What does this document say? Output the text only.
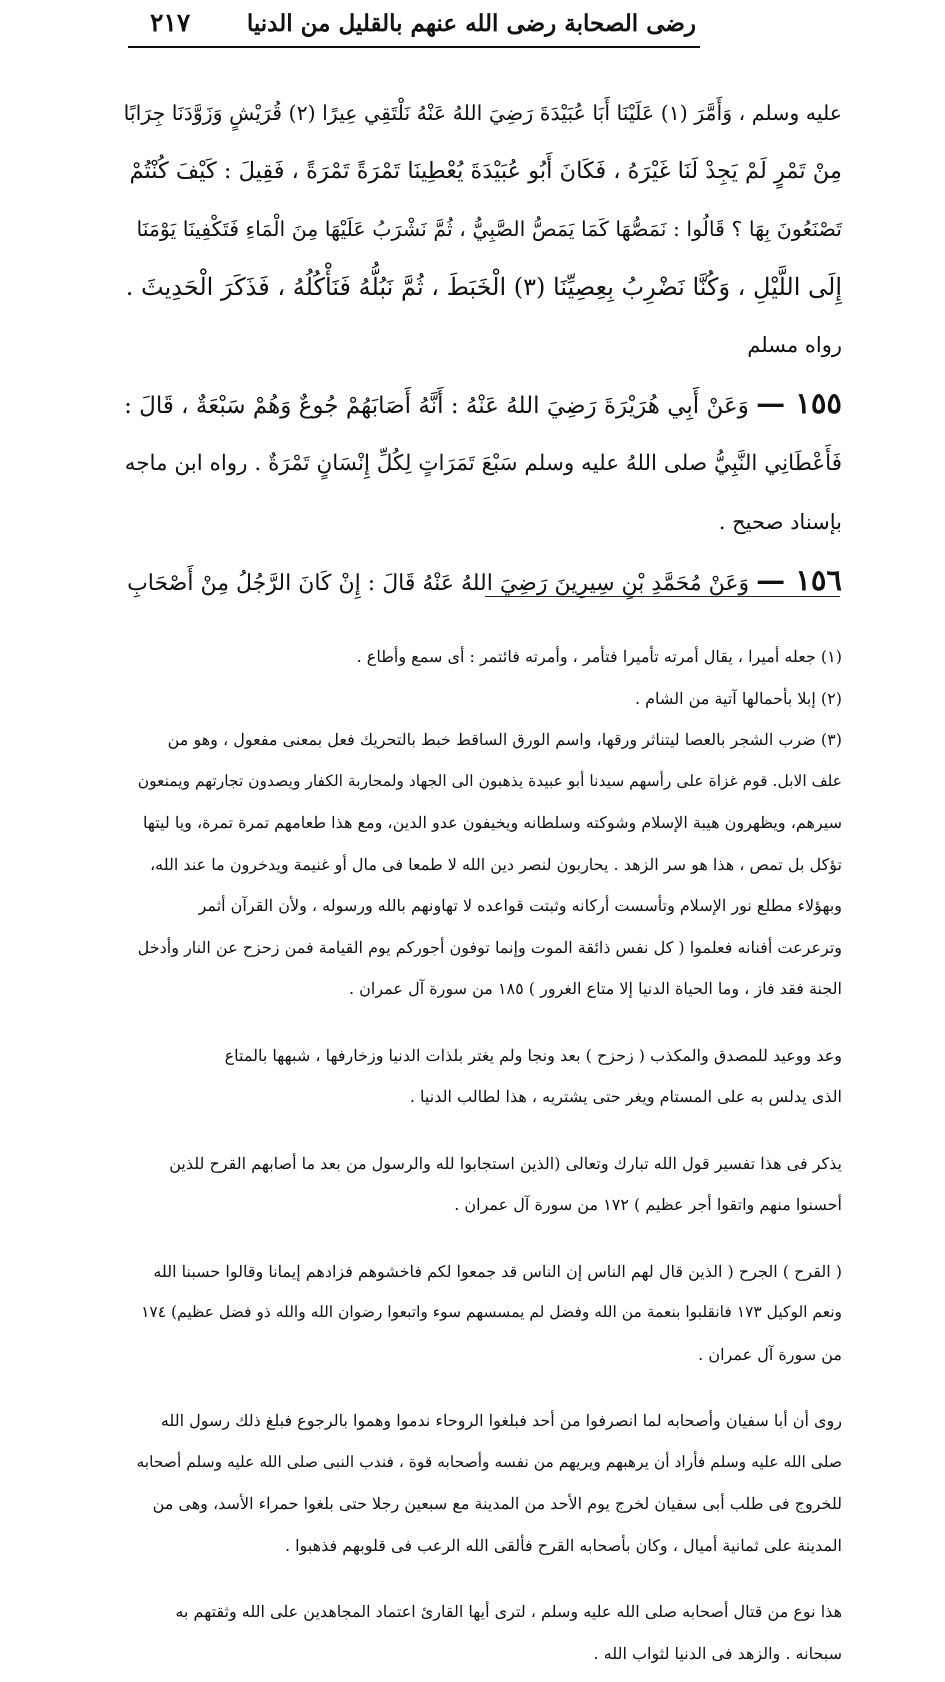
رضى الصحابة رضى الله عنهم بالقليل من الدنيا
٢١٧

عليه وسلم ، وَأَمَّرَ (١) عَلَيْنَا أَبَا عُبَيْدَةَ رَضِيَ اللهُ عَنْهُ نَلْتَقِي عِيرًا (٢) قُرَيْشٍ وَزَوَّدَنَا جِرَابًا

مِنْ تَمْرٍ لَمْ يَجِدْ لَنَا غَيْرَهُ ، فَكَانَ أَبُو عُبَيْدَةَ يُعْطِينَا تَمْرَةً تَمْرَةً ، فَقِيلَ : كَيْفَ كُنْتُمْ

تَصْنَعُونَ بِهَا ؟ قَالُوا : نَمَصُّهَا كَمَا يَمَصُّ الصَّبِيُّ ، ثُمَّ نَشْرَبُ عَلَيْهَا مِنَ الْمَاءِ فَتَكْفِينَا يَوْمَنَا

إِلَى اللَّيْلِ ، وَكُنَّا نَضْرِبُ بِعِصِيِّنَا (٣) الْخَبَطَ ، ثُمَّ نَبُلُّهُ فَنَأْكُلُهُ ، فَذَكَرَ الْحَدِيثَ .

رواه مسلم

١٥٥ — وَعَنْ أَبِي هُرَيْرَةَ رَضِيَ اللهُ عَنْهُ : أَنَّهُ أَصَابَهُمْ جُوعٌ وَهُمْ سَبْعَةٌ ، قَالَ :

فَأَعْطَانِي النَّبِيُّ صلى اللهُ عليه وسلم سَبْعَ تَمَرَاتٍ لِكُلِّ إِنْسَانٍ تَمْرَةٌ . رواه ابن ماجه

بإسناد صحيح .

١٥٦ — وَعَنْ مُحَمَّدِ بْنِ سِيرِينَ رَضِيَ اللهُ عَنْهُ قَالَ : إِنْ كَانَ الرَّجُلُ مِنْ أَصْحَابِ

(١) جعله أميرا ، يقال أمرته تأميرا فتأمر ، وأمرته فائتمر : أى سمع وأطاع .

(٢) إبلا بأحمالها آتية من الشام .

(٣) ضرب الشجر بالعصا ليتناثر ورقها، واسم الورق الساقط خبط بالتحريك فعل بمعنى مفعول ، وهو من

علف الابل. قوم غزاة على رأسهم سيدنا أبو عبيدة يذهبون الى الجهاد ولمحاربة الكفار ويصدون تجارتهم ويمنعون

سيرهم، ويظهرون هيبة الإسلام وشوكته وسلطانه ويخيفون عدو الدين، ومع هذا طعامهم تمرة تمرة، ويا ليتها

تؤكل بل تمص ، هذا هو سر الزهد . يحاربون لنصر دين الله لا طمعا فى مال أو غنيمة ويدخرون ما عند الله،

وبهؤلاء مطلع نور الإسلام وتأسست أركانه وثبتت قواعده لا تهاونهم بالله ورسوله ، ولأن القرآن أثمر

وترعرعت أفنانه فعلموا ( كل نفس ذائقة الموت وإنما توفون أجوركم يوم القيامة فمن زحزح عن النار وأدخل

الجنة فقد فاز ، وما الحياة الدنيا إلا متاع الغرور ) ١٨٥ من سورة آل عمران .

وعد ووعيد للمصدق والمكذب ( زحزح ) بعد ونجا ولم يغتر بلذات الدنيا وزخارفها ، شبهها بالمتاع

الذى يدلس به على المستام ويغر حتى يشتريه ، هذا لطالب الدنيا .

يذكر فى هذا تفسير قول الله تبارك وتعالى (الذين استجابوا لله والرسول من بعد ما أصابهم القرح للذين

أحسنوا منهم واتقوا أجر عظيم ) ١٧٢ من سورة آل عمران .

( القرح ) الجرح ( الذين قال لهم الناس إن الناس قد جمعوا لكم فاخشوهم فزادهم إيمانا وقالوا حسبنا الله

ونعم الوكيل ١٧٣ فانقلبوا بنعمة من الله وفضل لم يمسسهم سوء واتبعوا رضوان الله والله ذو فضل عظيم) ١٧٤

من سورة آل عمران .

روى أن أبا سفيان وأصحابه لما انصرفوا من أحد فبلغوا الروحاء ندموا وهموا بالرجوع فبلغ ذلك رسول الله

صلى الله عليه وسلم فأراد أن يرهبهم ويريهم من نفسه وأصحابه قوة ، فندب النبى صلى الله عليه وسلم أصحابه

للخروج فى طلب أبى سفيان لخرج يوم الأحد من المدينة مع سبعين رجلا حتى بلغوا حمراء الأسد، وهى من

المدينة على ثمانية أميال ، وكان بأصحابه القرح فألقى الله الرعب فى قلوبهم فذهبوا .

هذا نوع من قتال أصحابه صلى الله عليه وسلم ، لترى أيها القارئ اعتماد المجاهدين على الله وثقتهم به

سبحانه . والزهد فى الدنيا لثواب الله .
